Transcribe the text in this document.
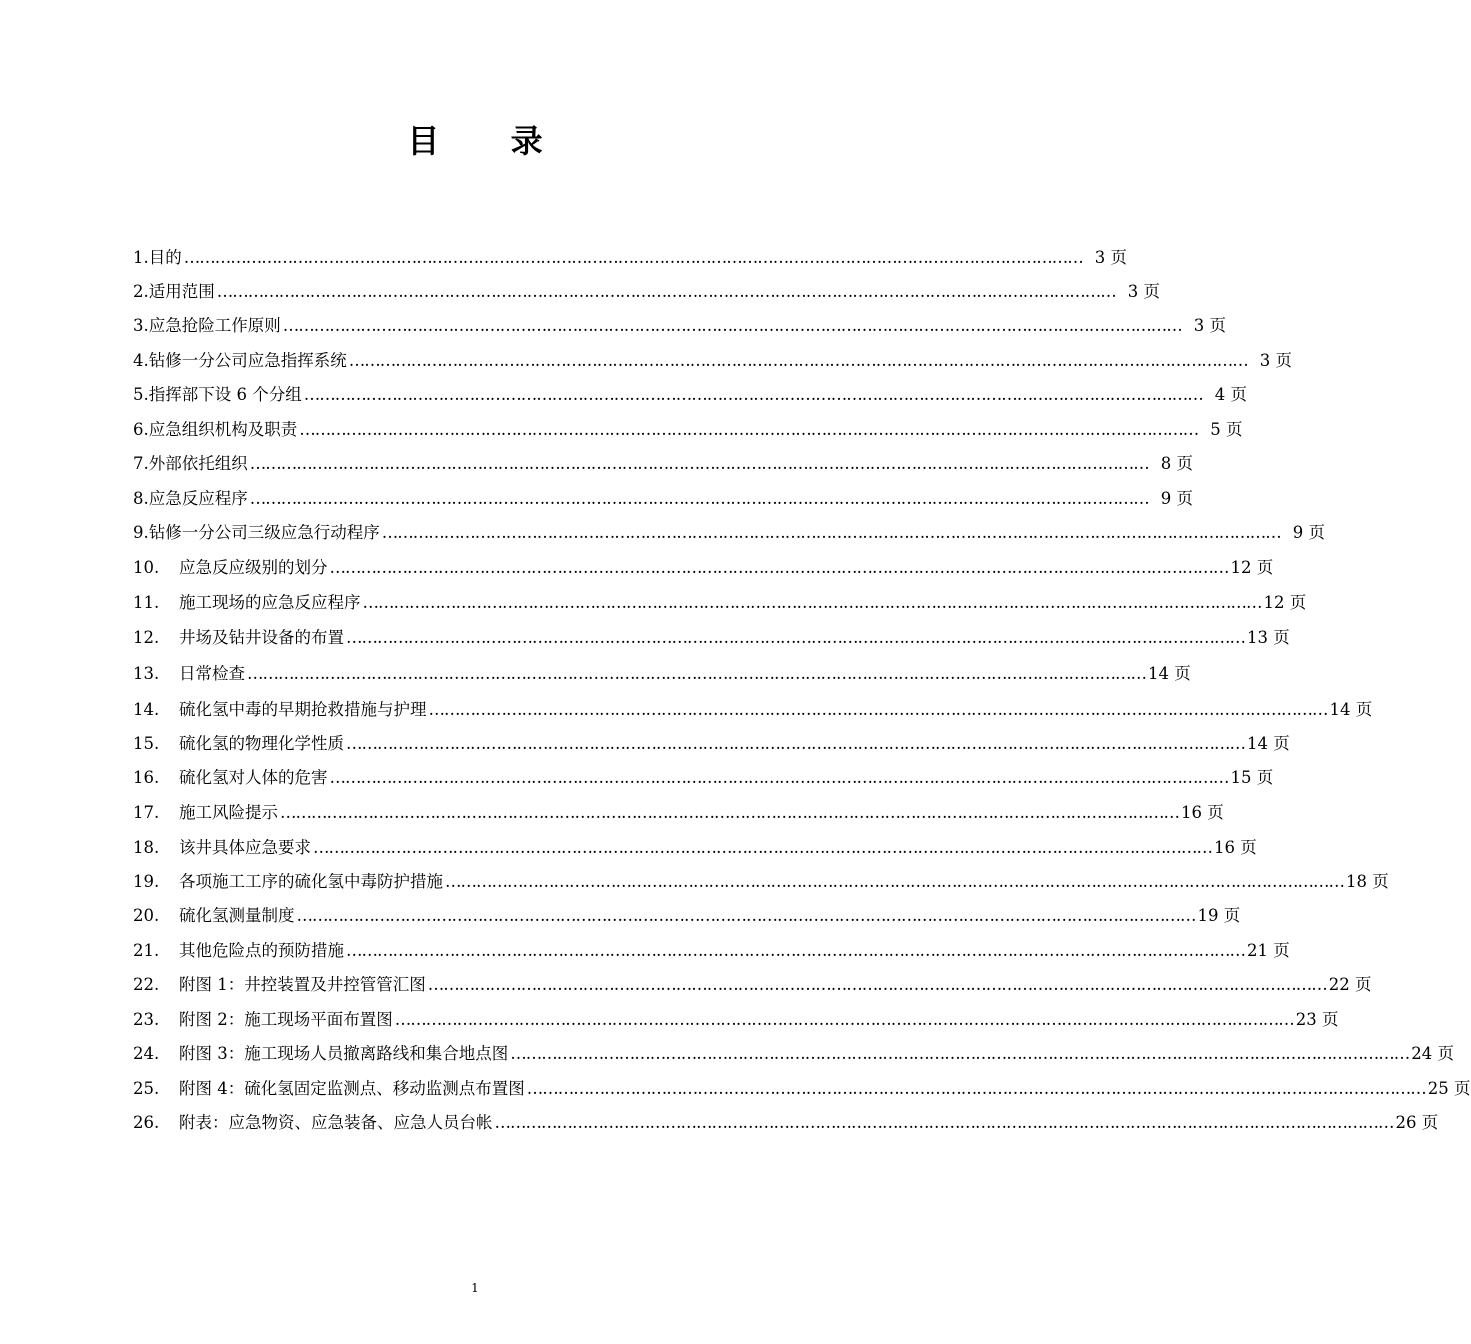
目 录
1. 目的 ………………………………………………………………………………………………………………………………………………………… 3 页
2. 适用范围 ………………………………………………………………………………………………………………………………………………………… 3 页
3. 应急抢险工作原则 ………………………………………………………………………………………………………………………………………………………… 3 页
4. 钻修一分公司应急指挥系统 ………………………………………………………………………………………………………………………………………………………… 3 页
5. 指挥部下设 6 个分组 ………………………………………………………………………………………………………………………………………………………… 4 页
6. 应急组织机构及职责 ………………………………………………………………………………………………………………………………………………………… 5 页
7. 外部依托组织 ………………………………………………………………………………………………………………………………………………………… 8 页
8. 应急反应程序 ………………………………………………………………………………………………………………………………………………………… 9 页
9. 钻修一分公司三级应急行动程序 ………………………………………………………………………………………………………………………………………………………… 9 页
10.	应急反应级别的划分 ………………………………………………………………………………………………………………………………………………………… 12 页
11.	施工现场的应急反应程序 ………………………………………………………………………………………………………………………………………………………… 12 页
12.	井场及钻井设备的布置 ………………………………………………………………………………………………………………………………………………………… 13 页
13.	日常检查 ………………………………………………………………………………………………………………………………………………………… 14 页
14.	硫化氢中毒的早期抢救措施与护理 ………………………………………………………………………………………………………………………………………………………… 14 页
15.	硫化氢的物理化学性质 ………………………………………………………………………………………………………………………………………………………… 14 页
16.	硫化氢对人体的危害 ………………………………………………………………………………………………………………………………………………………… 15 页
17.	施工风险提示 ………………………………………………………………………………………………………………………………………………………… 16 页
18.	该井具体应急要求 ………………………………………………………………………………………………………………………………………………………… 16 页
19.	各项施工工序的硫化氢中毒防护措施 ………………………………………………………………………………………………………………………………………………………… 18 页
20.	硫化氢测量制度 ………………………………………………………………………………………………………………………………………………………… 19 页
21.	其他危险点的预防措施 ………………………………………………………………………………………………………………………………………………………… 21 页
22.	附图 1：井控装置及井控管管汇图 ………………………………………………………………………………………………………………………………………………………… 22 页
23.	附图 2：施工现场平面布置图 ………………………………………………………………………………………………………………………………………………………… 23 页
24.	附图 3：施工现场人员撤离路线和集合地点图 ………………………………………………………………………………………………………………………………………………………… 24 页
25.	附图 4：硫化氢固定监测点、移动监测点布置图 ………………………………………………………………………………………………………………………………………………………… 25 页
26.	附表：应急物资、应急装备、应急人员台帐 ………………………………………………………………………………………………………………………………………………………… 26 页
1
